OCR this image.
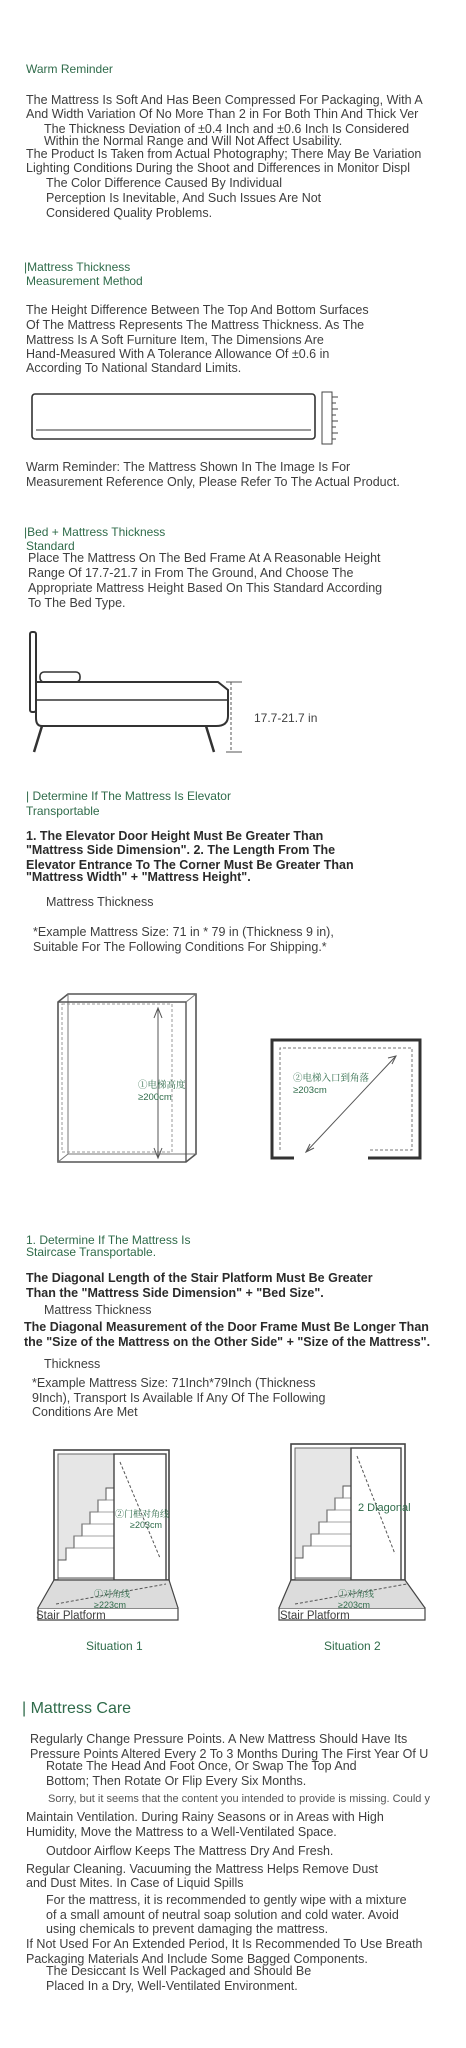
Warm Reminder
The Mattress Is Soft And Has Been Compressed For Packaging, With A
And Width Variation Of No More Than 2 in For Both Thin And Thick Ver
The Thickness Deviation of ±0.4 Inch and ±0.6 Inch Is Considered
Within the Normal Range and Will Not Affect Usability.
The Product Is Taken from Actual Photography; There May Be Variation
Lighting Conditions During the Shoot and Differences in Monitor Displ
The Color Difference Caused By Individual
Perception Is Inevitable, And Such Issues Are Not
Considered Quality Problems.
|Mattress Thickness
Measurement Method
The Height Difference Between The Top And Bottom Surfaces
Of The Mattress Represents The Mattress Thickness. As The
Mattress Is A Soft Furniture Item, The Dimensions Are
Hand-Measured With A Tolerance Allowance Of ±0.6 in
According To National Standard Limits.
Warm Reminder: The Mattress Shown In The Image Is For
Measurement Reference Only, Please Refer To The Actual Product.
|Bed + Mattress Thickness
Standard
Place The Mattress On The Bed Frame At A Reasonable Height
Range Of 17.7-21.7 in From The Ground, And Choose The
Appropriate Mattress Height Based On This Standard According
To The Bed Type.
17.7-21.7 in
| Determine If The Mattress Is Elevator
Transportable
1. The Elevator Door Height Must Be Greater Than
"Mattress Side Dimension". 2. The Length From The
Elevator Entrance To The Corner Must Be Greater Than
"Mattress Width" + "Mattress Height".
Mattress Thickness
*Example Mattress Size: 71 in * 79 in (Thickness 9 in),
Suitable For The Following Conditions For Shipping.*
①电梯高度
≥200cm
②电梯入口到角落
≥203cm
1. Determine If The Mattress Is
Staircase Transportable.
The Diagonal Length of the Stair Platform Must Be Greater
Than the "Mattress Side Dimension" + "Bed Size".
Mattress Thickness
The Diagonal Measurement of the Door Frame Must Be Longer Than
the "Size of the Mattress on the Other Side" + "Size of the Mattress".
Thickness
*Example Mattress Size: 71Inch*79Inch (Thickness
9Inch), Transport Is Available If Any Of The Following
Conditions Are Met
②门框对角线
≥203cm
①对角线
≥223cm
Stair Platform
Situation 1
2 Diagonal
①对角线
≥203cm
Stair Platform
Situation 2
| Mattress Care
Regularly Change Pressure Points. A New Mattress Should Have Its
Pressure Points Altered Every 2 To 3 Months During The First Year Of U
Rotate The Head And Foot Once, Or Swap The Top And
Bottom; Then Rotate Or Flip Every Six Months.
Sorry, but it seems that the content you intended to provide is missing. Could y
Maintain Ventilation. During Rainy Seasons or in Areas with High
Humidity, Move the Mattress to a Well-Ventilated Space.
Outdoor Airflow Keeps The Mattress Dry And Fresh.
Regular Cleaning. Vacuuming the Mattress Helps Remove Dust
and Dust Mites. In Case of Liquid Spills
For the mattress, it is recommended to gently wipe with a mixture
of a small amount of neutral soap solution and cold water. Avoid
using chemicals to prevent damaging the mattress.
If Not Used For An Extended Period, It Is Recommended To Use Breath
Packaging Materials And Include Some Bagged Components.
The Desiccant Is Well Packaged and Should Be
Placed In a Dry, Well-Ventilated Environment.
